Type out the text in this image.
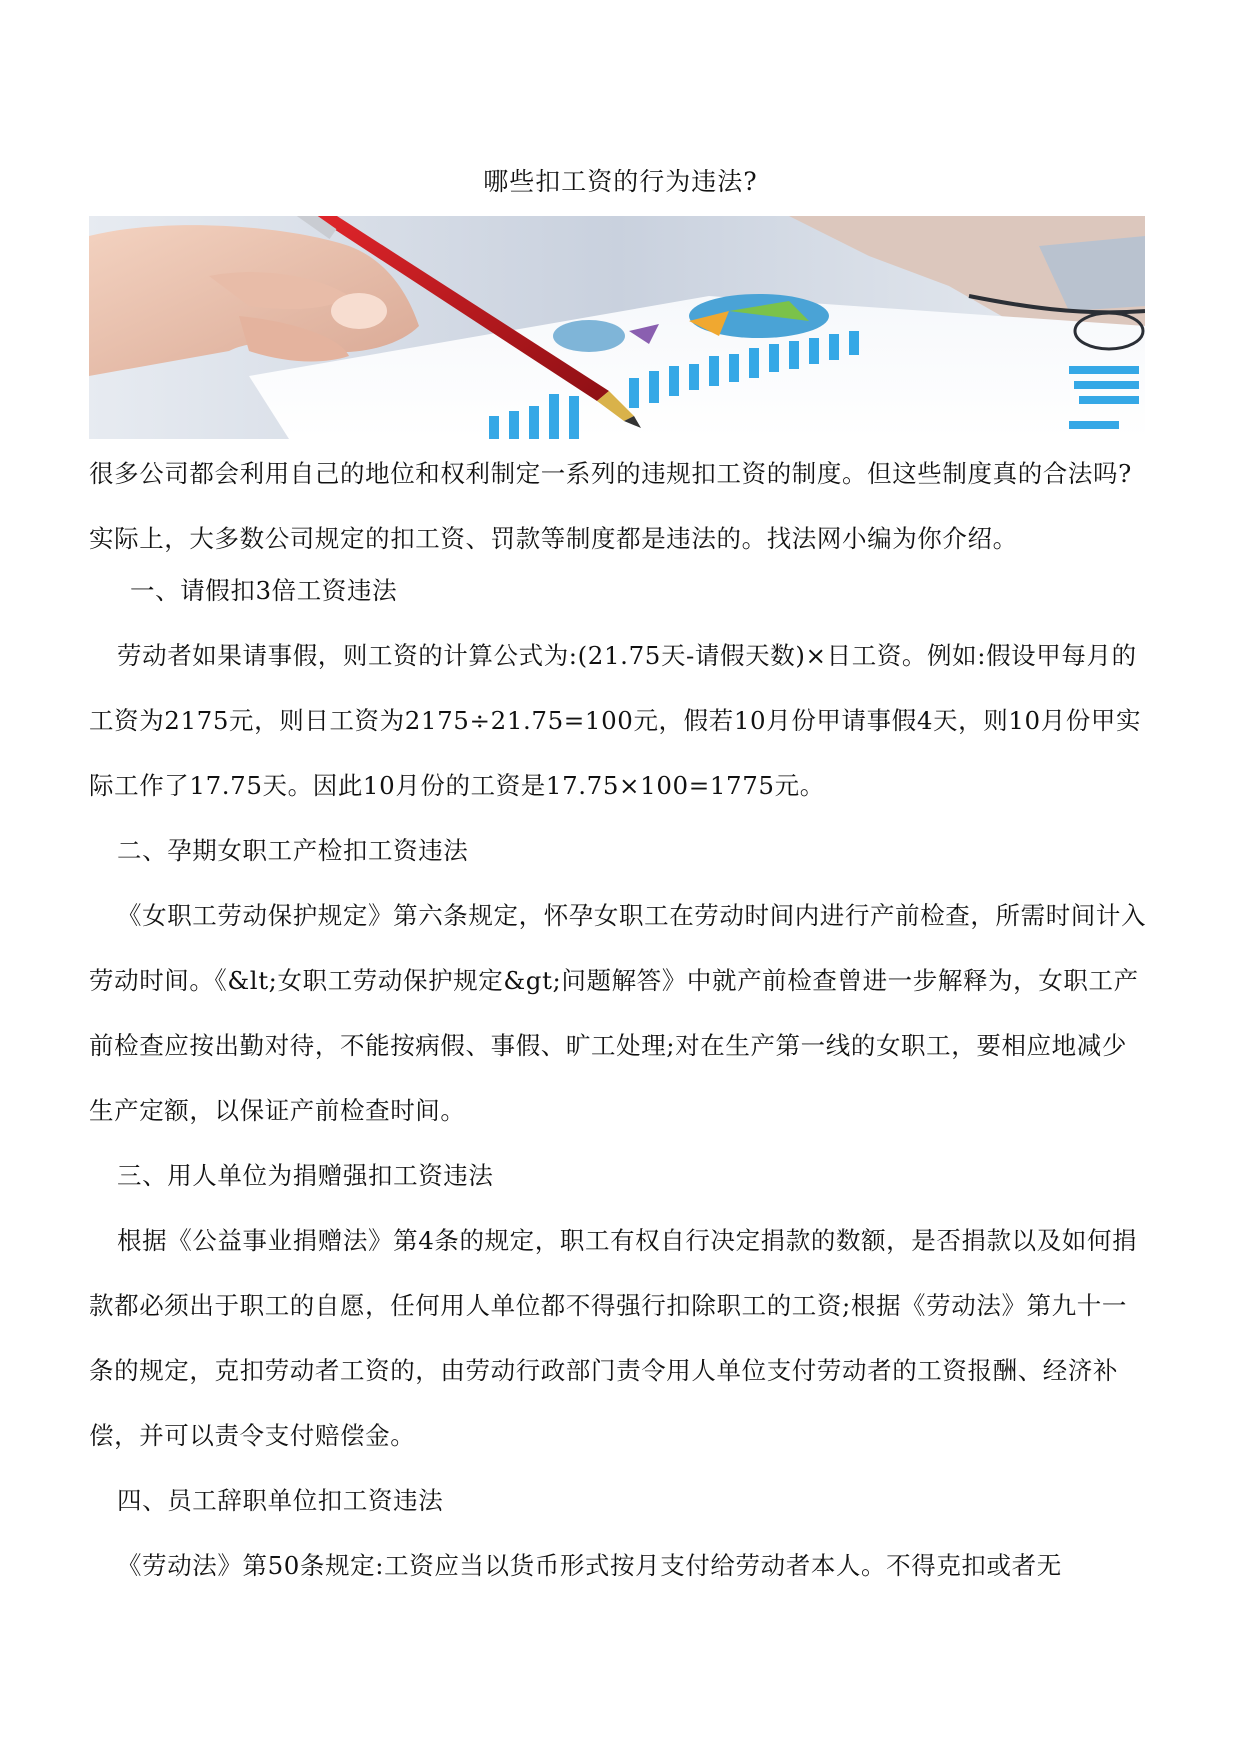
哪些扣工资的行为违法?

很多公司都会利用自己的地位和权利制定一系列的违规扣工资的制度。但这些制度真的合法吗?实际上，大多数公司规定的扣工资、罚款等制度都是违法的。找法网小编为你介绍。

一、请假扣3倍工资违法

劳动者如果请事假，则工资的计算公式为:(21.75天-请假天数)×日工资。例如:假设甲每月的工资为2175元，则日工资为2175÷21.75=100元，假若10月份甲请事假4天，则10月份甲实际工作了17.75天。因此10月份的工资是17.75×100=1775元。

二、孕期女职工产检扣工资违法

《女职工劳动保护规定》第六条规定，怀孕女职工在劳动时间内进行产前检查，所需时间计入劳动时间。《&lt;女职工劳动保护规定&gt;问题解答》中就产前检查曾进一步解释为，女职工产前检查应按出勤对待，不能按病假、事假、旷工处理;对在生产第一线的女职工，要相应地减少生产定额，以保证产前检查时间。

三、用人单位为捐赠强扣工资违法

根据《公益事业捐赠法》第4条的规定，职工有权自行决定捐款的数额，是否捐款以及如何捐款都必须出于职工的自愿，任何用人单位都不得强行扣除职工的工资;根据《劳动法》第九十一条的规定，克扣劳动者工资的，由劳动行政部门责令用人单位支付劳动者的工资报酬、经济补偿，并可以责令支付赔偿金。

四、员工辞职单位扣工资违法

《劳动法》第50条规定:工资应当以货币形式按月支付给劳动者本人。不得克扣或者无
